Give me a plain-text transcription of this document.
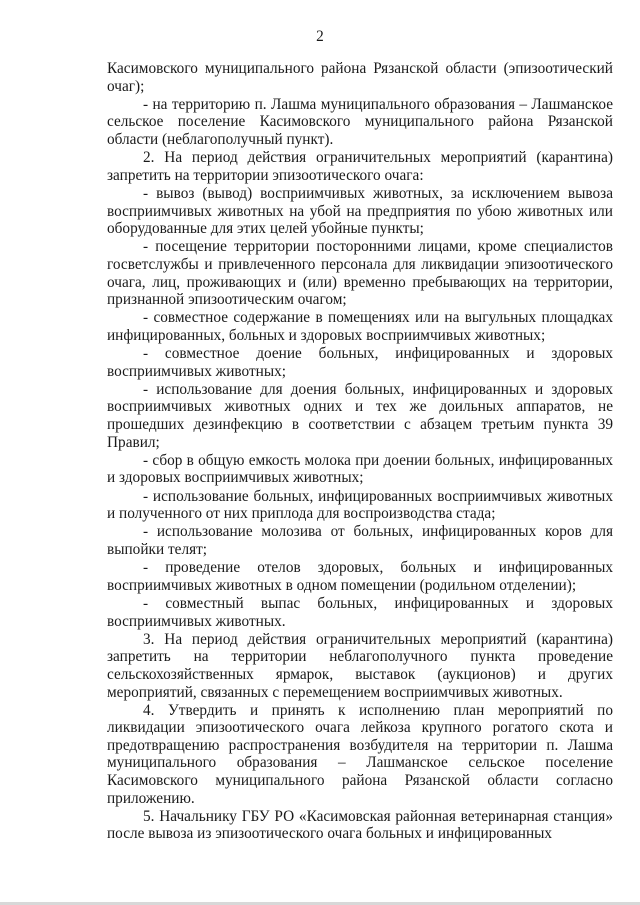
2

Касимовского муниципального района Рязанской области (эпизоотический очаг);

- на территорию п. Лашма муниципального образования – Лашманское сельское поселение Касимовского муниципального района Рязанской области (неблагополучный пункт).

2. На период действия ограничительных мероприятий (карантина) запретить на территории эпизоотического очага:

- вывоз (вывод) восприимчивых животных, за исключением вывоза восприимчивых животных на убой на предприятия по убою животных или оборудованные для этих целей убойные пункты;

- посещение территории посторонними лицами, кроме специалистов госветслужбы и привлеченного персонала для ликвидации эпизоотического очага, лиц, проживающих и (или) временно пребывающих на территории, признанной эпизоотическим очагом;

- совместное содержание в помещениях или на выгульных площадках инфицированных, больных и здоровых восприимчивых животных;

- совместное доение больных, инфицированных и здоровых восприимчивых животных;

- использование для доения больных, инфицированных и здоровых восприимчивых животных одних и тех же доильных аппаратов, не прошедших дезинфекцию в соответствии с абзацем третьим пункта 39 Правил;

- сбор в общую емкость молока при доении больных, инфицированных и здоровых восприимчивых животных;

- использование больных, инфицированных восприимчивых животных и полученного от них приплода для воспроизводства стада;

- использование молозива от больных, инфицированных коров для выпойки телят;

- проведение отелов здоровых, больных и инфицированных восприимчивых животных в одном помещении (родильном отделении);

- совместный выпас больных, инфицированных и здоровых восприимчивых животных.

3. На период действия ограничительных мероприятий (карантина) запретить на территории неблагополучного пункта проведение сельскохозяйственных ярмарок, выставок (аукционов) и других мероприятий, связанных с перемещением восприимчивых животных.

4. Утвердить и принять к исполнению план мероприятий по ликвидации эпизоотического очага лейкоза крупного рогатого скота и предотвращению распространения возбудителя на территории п. Лашма муниципального образования – Лашманское сельское поселение Касимовского муниципального района Рязанской области согласно приложению.

5. Начальнику ГБУ РО «Касимовская районная ветеринарная станция» после вывоза из эпизоотического очага больных и инфицированных
